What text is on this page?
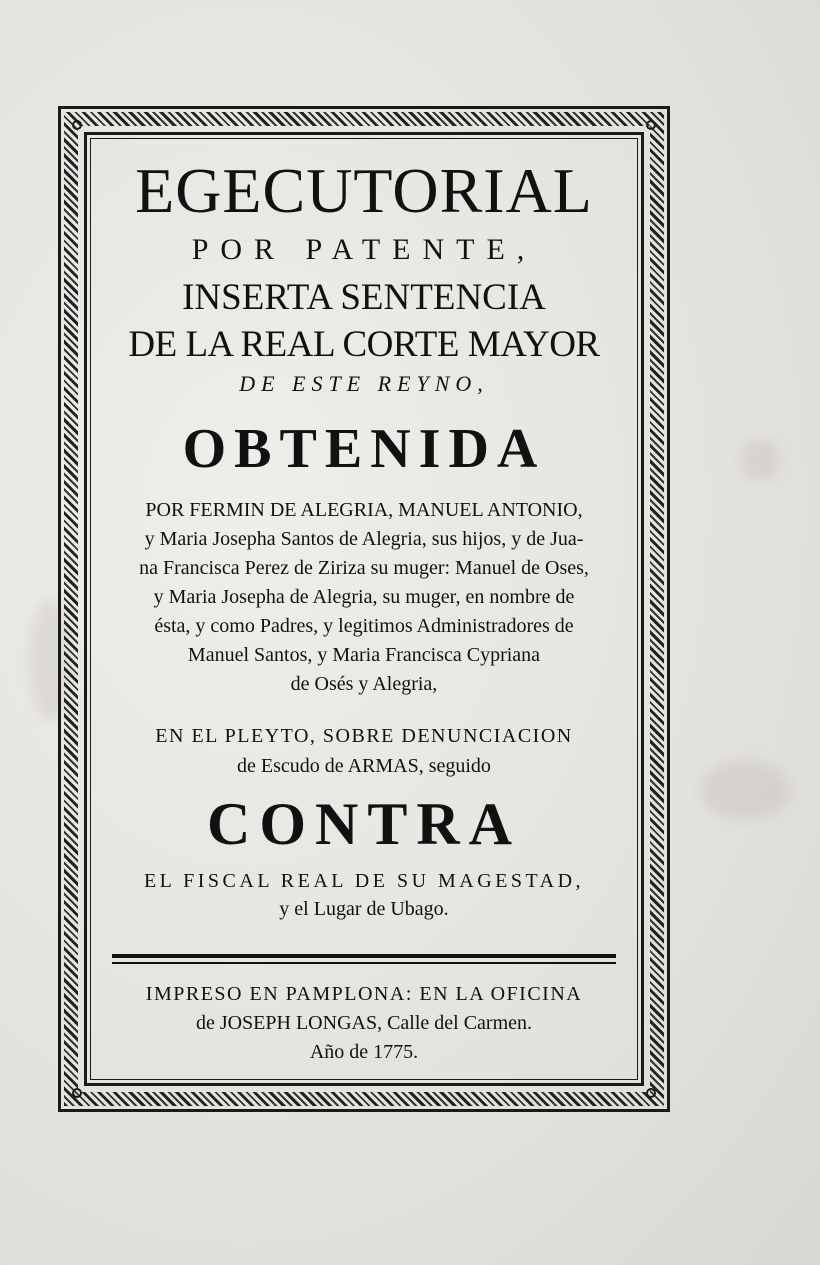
EGECUTORIAL
POR PATENTE,
INSERTA SENTENCIA
DE LA REAL CORTE MAYOR
DE ESTE REYNO,
OBTENIDA
POR FERMIN DE ALEGRIA, MANUEL ANTONIO,
y Maria Josepha Santos de Alegria, sus hijos, y de Jua-
na Francisca Perez de Ziriza su muger: Manuel de Oses,
y Maria Josepha de Alegria, su muger, en nombre de
ésta, y como Padres, y legitimos Administradores de
Manuel Santos, y Maria Francisca Cypriana
de Osés y Alegria,
EN EL PLEYTO, SOBRE DENUNCIACION
de Escudo de ARMAS, seguido
CONTRA
EL FISCAL REAL DE SU MAGESTAD,
y el Lugar de Ubago.
IMPRESO EN PAMPLONA: EN LA OFICINA
de JOSEPH LONGAS, Calle del Carmen.
Año de 1775.
